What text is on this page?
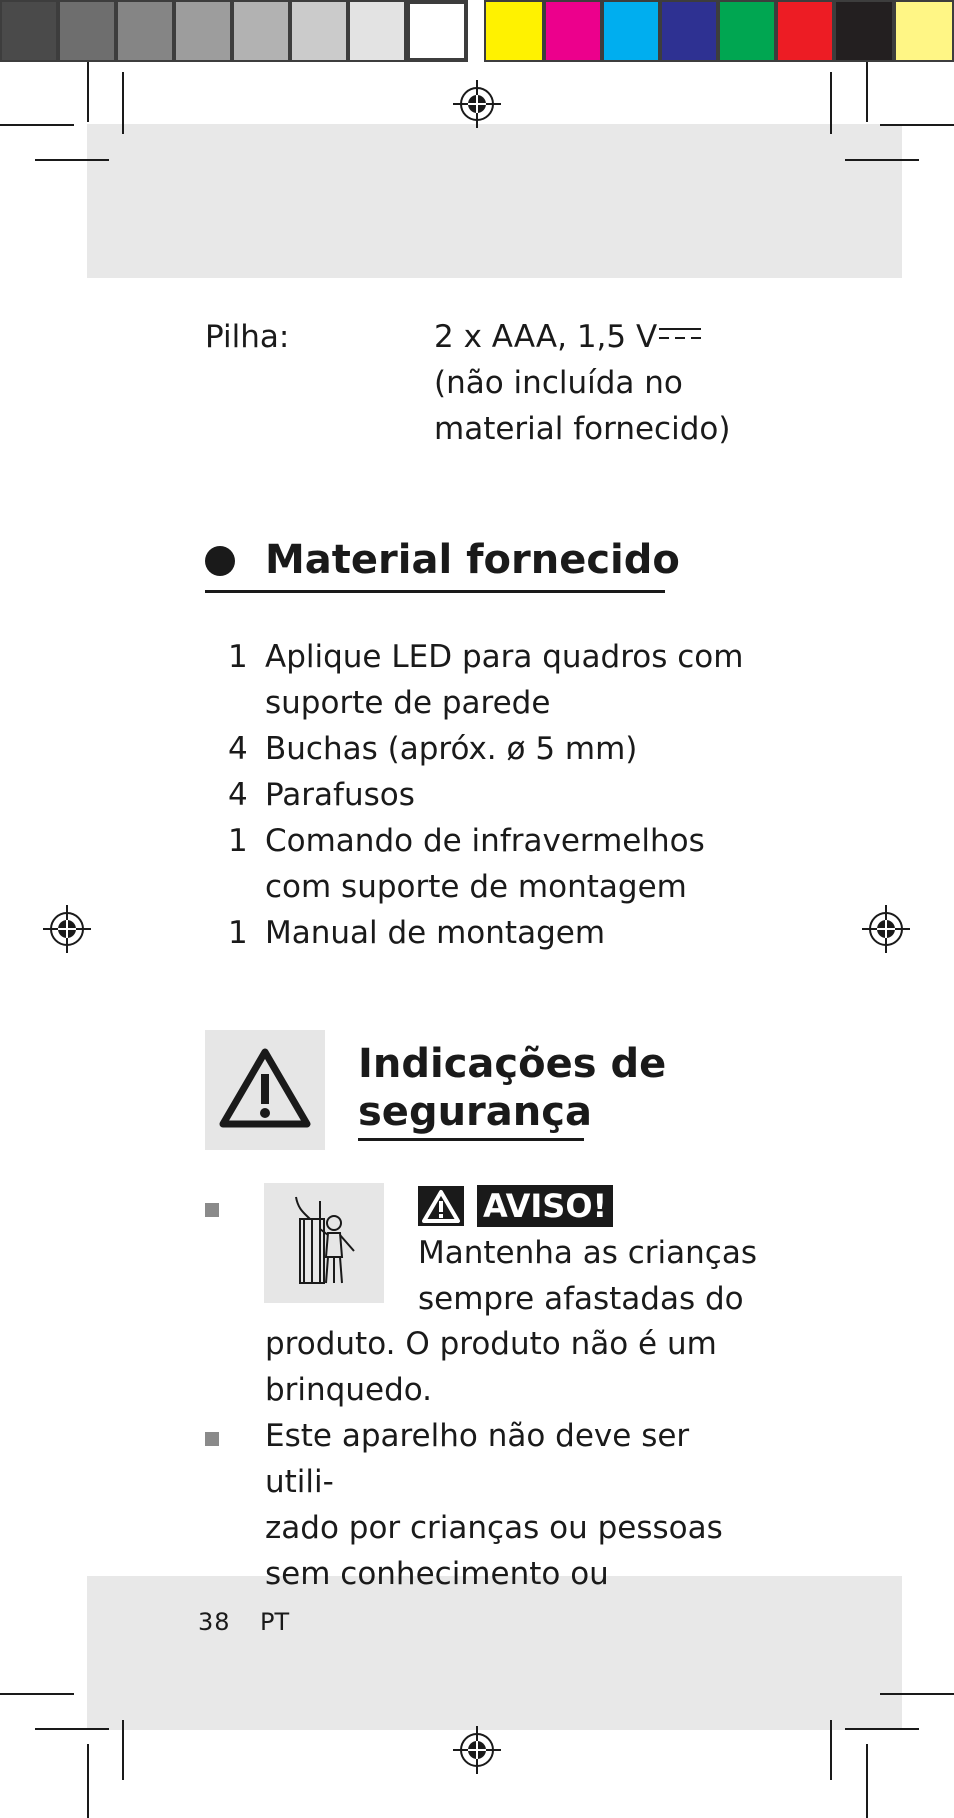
Pilha:	2 x AAA, 1,5 V
(não incluída no
material fornecido)
Material fornecido
1 Aplique LED para quadros com
suporte de parede
4 Buchas (apróx. ø 5 mm)
4 Parafusos
1 Comando de infravermelhos
com suporte de montagem
1 Manual de montagem
Indicações de
segurança
AVISO!
Mantenha as crianças
sempre afastadas do
produto. O produto não é um
brinquedo.
Este aparelho não deve ser utili-
zado por crianças ou pessoas
sem conhecimento ou
38 PT
